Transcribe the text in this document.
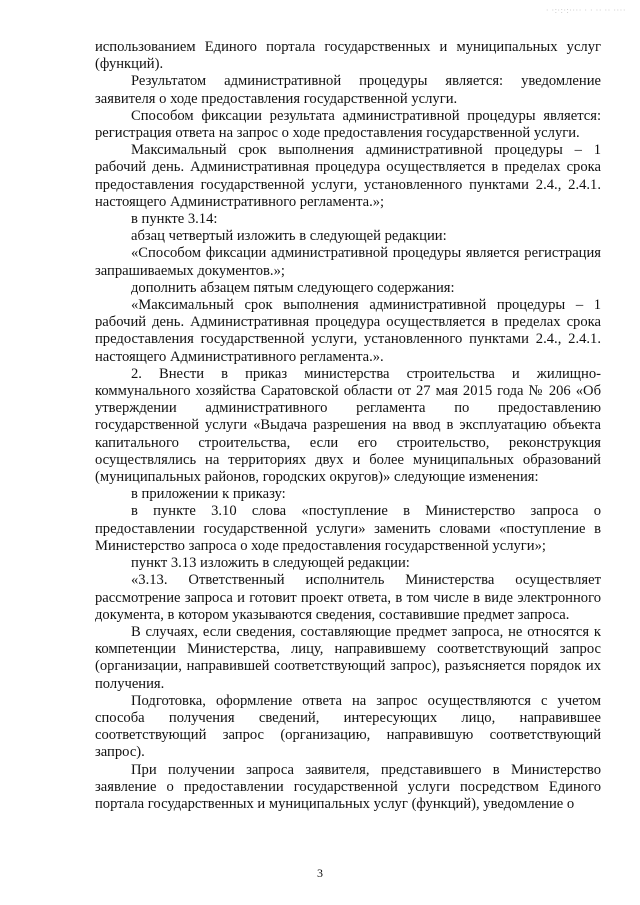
· ·:·:·:···· · · ·· ·· ····

использованием Единого портала государственных и муниципальных услуг (функций).

Результатом административной процедуры является: уведомление заявителя о ходе предоставления государственной услуги.

Способом фиксации результата административной процедуры является: регистрация ответа на запрос о ходе предоставления государственной услуги.

Максимальный срок выполнения административной процедуры – 1 рабочий день. Административная процедура осуществляется в пределах срока предоставления государственной услуги, установленного пунктами 2.4., 2.4.1. настоящего Административного регламента.»;

в пункте 3.14:

абзац четвертый изложить в следующей редакции:

«Способом фиксации административной процедуры является регистрация запрашиваемых документов.»;

дополнить абзацем пятым следующего содержания:

«Максимальный срок выполнения административной процедуры – 1 рабочий день. Административная процедура осуществляется в пределах срока предоставления государственной услуги, установленного пунктами 2.4., 2.4.1. настоящего Административного регламента.».

2. Внести в приказ министерства строительства и жилищно-коммунального хозяйства Саратовской области от 27 мая 2015 года № 206 «Об утверждении административного регламента по предоставлению государственной услуги «Выдача разрешения на ввод в эксплуатацию объекта капитального строительства, если его строительство, реконструкция осуществлялись на территориях двух и более муниципальных образований (муниципальных районов, городских округов)» следующие изменения:

в приложении к приказу:

в пункте 3.10 слова «поступление в Министерство запроса о предоставлении государственной услуги» заменить словами «поступление в Министерство запроса о ходе предоставления государственной услуги»;

пункт 3.13 изложить в следующей редакции:

«3.13. Ответственный исполнитель Министерства осуществляет рассмотрение запроса и готовит проект ответа, в том числе в виде электронного документа, в котором указываются сведения, составившие предмет запроса.

В случаях, если сведения, составляющие предмет запроса, не относятся к компетенции Министерства, лицу, направившему соответствующий запрос (организации, направившей соответствующий запрос), разъясняется порядок их получения.

Подготовка, оформление ответа на запрос осуществляются с учетом способа получения сведений, интересующих лицо, направившее соответствующий запрос (организацию, направившую соответствующий запрос).

При получении запроса заявителя, представившего в Министерство заявление о предоставлении государственной услуги посредством Единого портала государственных и муниципальных услуг (функций), уведомление о

3
